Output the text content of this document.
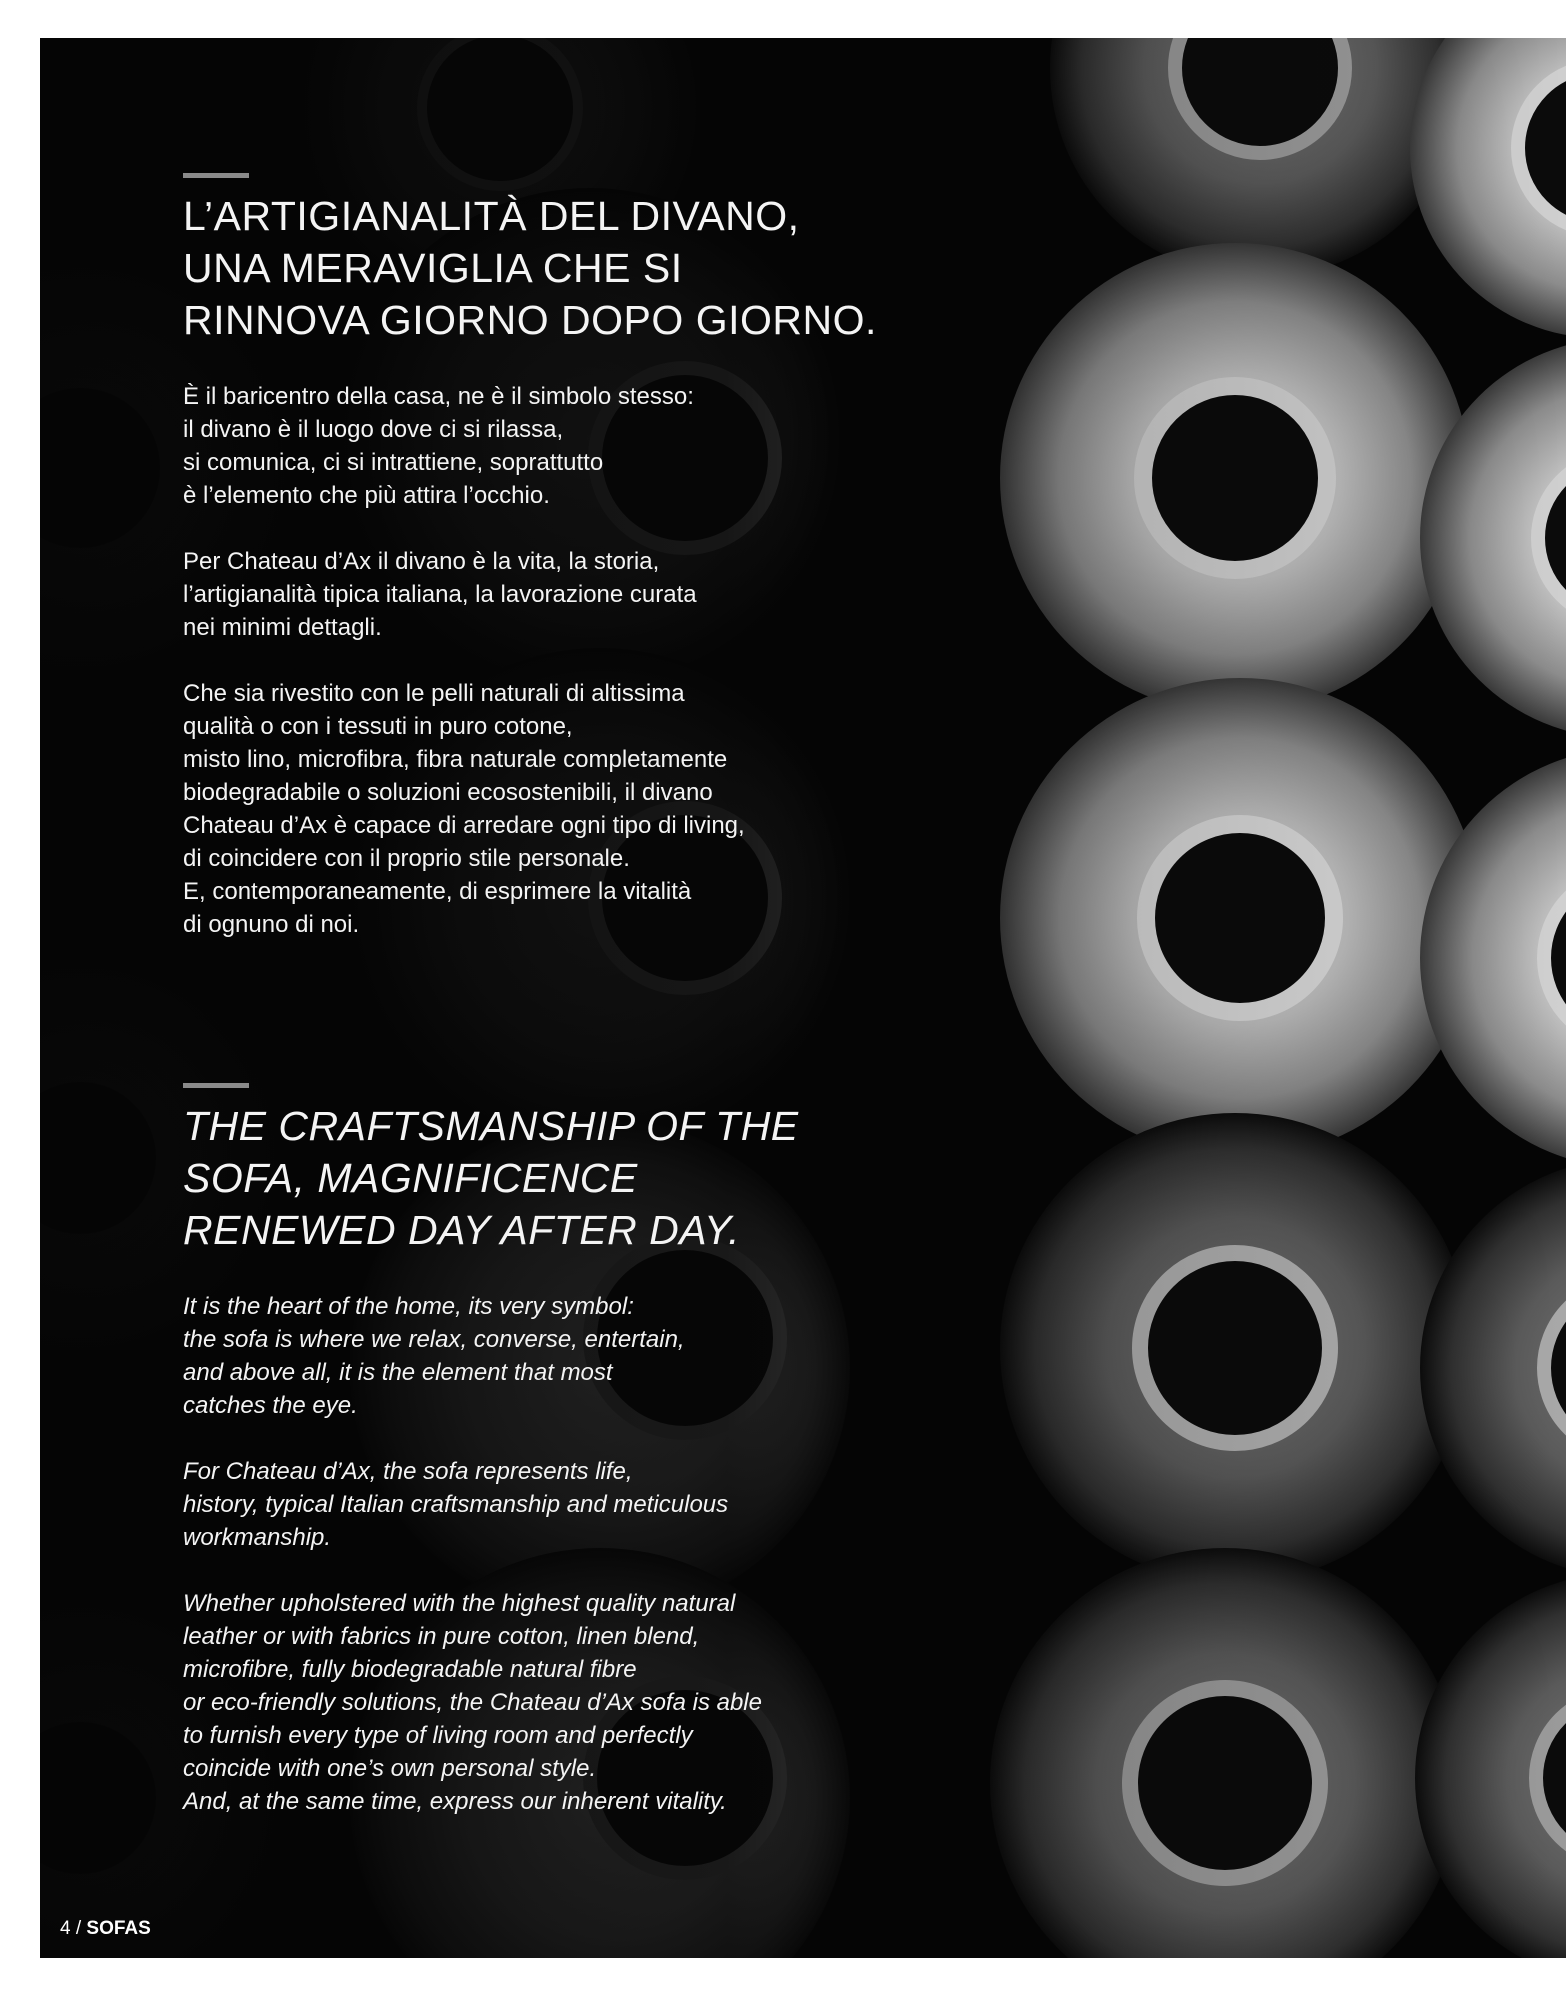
L’ARTIGIANALITÀ DEL DIVANO,
UNA MERAVIGLIA CHE SI
RINNOVA GIORNO DOPO GIORNO.

È il baricentro della casa, ne è il simbolo stesso:
il divano è il luogo dove ci si rilassa,
si comunica, ci si intrattiene, soprattutto
è l’elemento che più attira l’occhio.

Per Chateau d’Ax il divano è la vita, la storia,
l’artigianalità tipica italiana, la lavorazione curata
nei minimi dettagli.

Che sia rivestito con le pelli naturali di altissima
qualità o con i tessuti in puro cotone,
misto lino, microfibra, fibra naturale completamente
biodegradabile o soluzioni ecosostenibili, il divano
Chateau d’Ax è capace di arredare ogni tipo di living,
di coincidere con il proprio stile personale.
E, contemporaneamente, di esprimere la vitalità
di ognuno di noi.

THE CRAFTSMANSHIP OF THE
SOFA, MAGNIFICENCE
RENEWED DAY AFTER DAY.

It is the heart of the home, its very symbol:
the sofa is where we relax, converse, entertain,
and above all, it is the element that most
catches the eye.

For Chateau d’Ax, the sofa represents life,
history, typical Italian craftsmanship and meticulous
workmanship.

Whether upholstered with the highest quality natural
leather or with fabrics in pure cotton, linen blend,
microfibre, fully biodegradable natural fibre
or eco-friendly solutions, the Chateau d’Ax sofa is able
to furnish every type of living room and perfectly
coincide with one’s own personal style.
And, at the same time, express our inherent vitality.

4 / SOFAS
